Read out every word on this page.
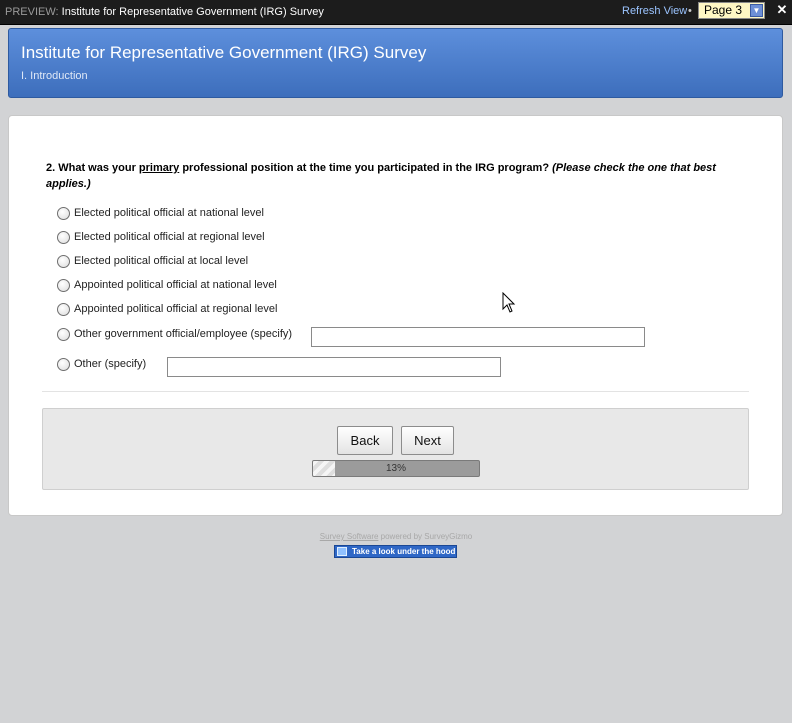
PREVIEW: Institute for Representative Government (IRG) Survey	Refresh View •	Page 3	▼ ✕
Institute for Representative Government (IRG) Survey
I. Introduction
2. What was your primary professional position at the time you participated in the IRG program? (Please check the one that best applies.)
Elected political official at national level
Elected political official at regional level
Elected political official at local level
Appointed political official at national level
Appointed political official at regional level
Other government official/employee (specify)
Other (specify)
Back	Next
13%
Survey Software powered by SurveyGizmo
Take a look under the hood
